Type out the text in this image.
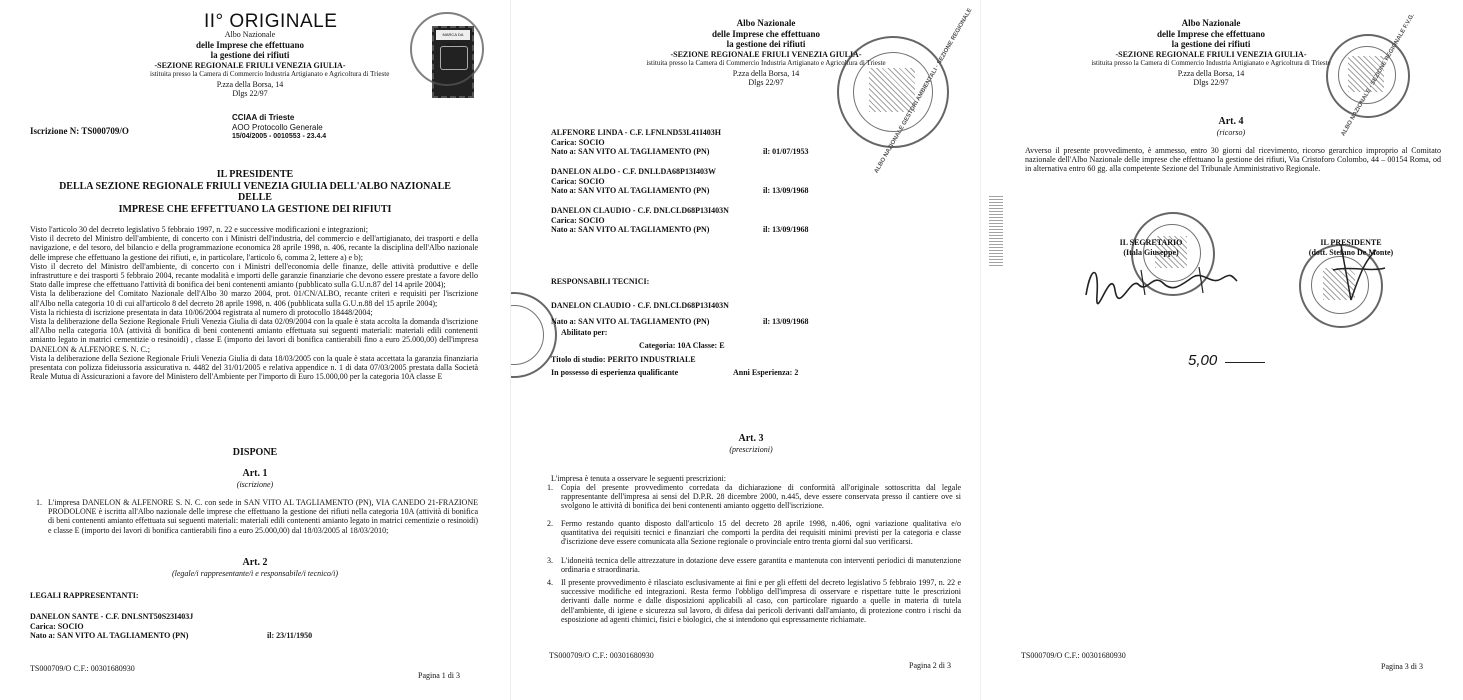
II° ORIGINALE
Albo Nazionale
delle Imprese che effettuano
la gestione dei rifiuti
-SEZIONE REGIONALE FRIULI VENEZIA GIULIA-
istituita presso la Camera di Commercio Industria Artigianato e Agricoltura di Trieste
P.zza della Borsa, 14
Dlgs 22/97
MARCA DA BOLLO
CCIAA di Trieste
AOO Protocollo Generale
15/04/2005 - 0010553 - 23.4.4
Iscrizione N: TS000709/O
IL PRESIDENTE
DELLA SEZIONE REGIONALE FRIULI VENEZIA GIULIA DELL'ALBO NAZIONALE
DELLE
IMPRESE CHE EFFETTUANO LA GESTIONE DEI RIFIUTI
Visto l'articolo 30 del decreto legislativo 5 febbraio 1997, n. 22 e successive modificazioni e integrazioni;
Visto il decreto del Ministro dell'ambiente, di concerto con i Ministri dell'industria, del commercio e dell'artigianato, dei trasporti e della navigazione, e del tesoro, del bilancio e della programmazione economica 28 aprile 1998, n. 406, recante la disciplina dell'Albo nazionale delle imprese che effettuano la gestione dei rifiuti, e, in particolare, l'articolo 6, comma 2, lettere a) e b);
Visto il decreto del Ministro dell'ambiente, di concerto con i Ministri dell'economia delle finanze, delle attività produttive e delle infrastrutture e dei trasporti 5 febbraio 2004, recante modalità e importi delle garanzie finanziarie che devono essere prestate a favore dello Stato dalle imprese che effettuano l'attività di bonifica dei beni contenenti amianto (pubblicato sulla G.U.n.87 del 14 aprile 2004);
Vista la deliberazione del Comitato Nazionale dell'Albo 30 marzo 2004, prot. 01/CN/ALBO, recante criteri e requisiti per l'iscrizione all'Albo nella categoria 10 di cui all'articolo 8 del decreto 28 aprile 1998, n. 406 (pubblicata sulla G.U.n.88 del 15 aprile 2004);
Vista la richiesta di iscrizione presentata in data 10/06/2004 registrata al numero di protocollo 18448/2004;
Vista la deliberazione della Sezione Regionale Friuli Venezia Giulia di data 02/09/2004 con la quale è stata accolta la domanda d'iscrizione all'Albo nella categoria 10A (attività di bonifica di beni contenenti amianto effettuata sui seguenti materiali: materiali edili contenenti amianto legato in matrici cementizie o resinoidi) , classe E (importo dei lavori di bonifica cantierabili fino a euro 25.000,00) dell'impresa DANELON & ALFENORE S. N. C.;
Vista la deliberazione della Sezione Regionale Friuli Venezia Giulia di data 18/03/2005 con la quale è stata accettata la garanzia finanziaria presentata con polizza fideiussoria assicurativa n. 4482 del 31/01/2005 e relativa appendice n. 1 di data 07/03/2005 prestata dalla Società Reale Mutua di Assicurazioni a favore del Ministero dell'Ambiente per l'importo di Euro 15.000,00 per la categoria 10A classe E
DISPONE
Art. 1
(iscrizione)
1. L'impresa DANELON & ALFENORE S. N. C. con sede in SAN VITO AL TAGLIAMENTO (PN), VIA CANEDO 21-FRAZIONE PRODOLONE è iscritta all'Albo nazionale delle imprese che effettuano la gestione dei rifiuti nella categoria 10A (attività di bonifica di beni contenenti amianto effettuata sui seguenti materiali: materiali edili contenenti amianto legato in matrici cementizie o resinoidi) e classe E (importo dei lavori di bonifica cantierabili fino a euro 25.000,00) dal 18/03/2005 al 18/03/2010;
Art. 2
(legale/i rappresentante/i e responsabile/i tecnico/i)
LEGALI RAPPRESENTANTI:
DANELON SANTE - C.F. DNLSNT50S23I403J
Carica: SOCIO
Nato a: SAN VITO AL TAGLIAMENTO (PN)	il: 23/11/1950
TS000709/O C.F.: 00301680930
Pagina 1 di 3
Albo Nazionale
delle Imprese che effettuano
la gestione dei rifiuti
-SEZIONE REGIONALE FRIULI VENEZIA GIULIA-
istituita presso la Camera di Commercio Industria Artigianato e Agricoltura di Trieste
P.zza della Borsa, 14
Dlgs 22/97	ALBO NAZIONALE GESTORI AMBIENTALI · SEZIONE REGIONALE
ALFENORE LINDA - C.F. LFNLND53L41I403H
Carica: SOCIO
Nato a: SAN VITO AL TAGLIAMENTO (PN)	il: 01/07/1953
DANELON ALDO - C.F. DNLLDA68P13I403W
Carica: SOCIO
Nato a: SAN VITO AL TAGLIAMENTO (PN)	il: 13/09/1968
DANELON CLAUDIO - C.F. DNLCLD68P13I403N
Carica: SOCIO
Nato a: SAN VITO AL TAGLIAMENTO (PN)	il: 13/09/1968
RESPONSABILI TECNICI:
DANELON CLAUDIO - C.F. DNLCLD68P13I403N
Nato a: SAN VITO AL TAGLIAMENTO (PN)	il: 13/09/1968
Abilitato per:
Categoria: 10A Classe: E
Titolo di studio: PERITO INDUSTRIALE
In possesso di esperienza qualificante	Anni Esperienza: 2
Art. 3
(prescrizioni)
L'impresa è tenuta a osservare le seguenti prescrizioni:
1. Copia del presente provvedimento corredata da dichiarazione di conformità all'originale sottoscritta dal legale rappresentante dell'impresa ai sensi del D.P.R. 28 dicembre 2000, n.445, deve essere conservata presso il cantiere ove si svolgono le attività di bonifica dei beni contenenti amianto oggetto dell'iscrizione.
2. Fermo restando quanto disposto dall'articolo 15 del decreto 28 aprile 1998, n.406, ogni variazione qualitativa e/o quantitativa dei requisiti tecnici e finanziari che comporti la perdita dei requisiti minimi previsti per la categoria e classe d'iscrizione deve essere comunicata alla Sezione regionale o provinciale entro trenta giorni dal suo verificarsi.
3. L'idoneità tecnica delle attrezzature in dotazione deve essere garantita e mantenuta con interventi periodici di manutenzione ordinaria e straordinaria.
4. Il presente provvedimento è rilasciato esclusivamente ai fini e per gli effetti del decreto legislativo 5 febbraio 1997, n. 22 e successive modifiche ed integrazioni. Resta fermo l'obbligo dell'impresa di osservare e rispettare tutte le prescrizioni derivanti dalle norme e dalle disposizioni applicabili al caso, con particolare riguardo a quelle in materia di tutela dell'ambiente, di igiene e sicurezza sul lavoro, di difesa dai pericoli derivanti dall'amianto, di protezione contro i rischi da esposizione ad agenti chimici, fisici e biologici, che si intendono qui espressamente richiamate.
TS000709/O C.F.: 00301680930
Pagina 2 di 3
Albo Nazionale
delle Imprese che effettuano
la gestione dei rifiuti
-SEZIONE REGIONALE FRIULI VENEZIA GIULIA-
istituita presso la Camera di Commercio Industria Artigianato e Agricoltura di Trieste
P.zza della Borsa, 14
Dlgs 22/97	ALBO NAZIONALE · SEZIONE REGIONALE F.V.G.
Art. 4
(ricorso)
Avverso il presente provvedimento, è ammesso, entro 30 giorni dal ricevimento, ricorso gerarchico improprio al Comitato nazionale dell'Albo Nazionale delle imprese che effettuano la gestione dei rifiuti, Via Cristoforo Colombo, 44 – 00154 Roma, od in alternativa entro 60 gg. alla competente Sezione del Tribunale Amministrativo Regionale.
IL SEGRETARIO
(Itala Giuseppe)
IL PRESIDENTE
(dott. Stefano De Monte)
5,00
TS000709/O C.F.: 00301680930
Pagina 3 di 3
